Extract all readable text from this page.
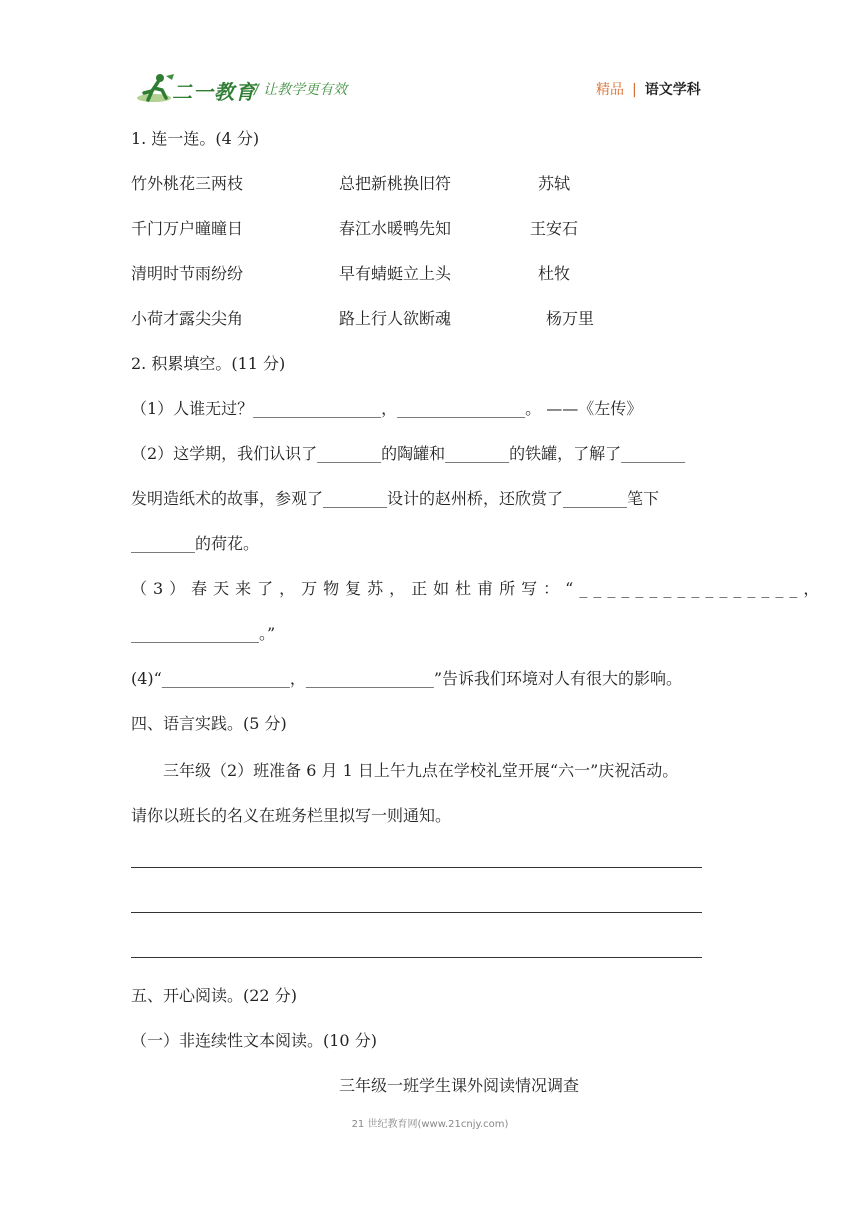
二一教育
/ 让教学更有效	精品 | 语文学科
1. 连一连。(4 分)
竹外桃花三两枝	总把新桃换旧符	苏轼
千门万户曈曈日	春江水暖鸭先知	王安石
清明时节雨纷纷	早有蜻蜓立上头	杜牧
小荷才露尖尖角	路上行人欲断魂	杨万里
2. 积累填空。(11 分)
（1）人谁无过？________________，________________。 ——《左传》
（2）这学期，我们认识了________的陶罐和________的铁罐，了解了________
发明造纸术的故事，参观了________设计的赵州桥，还欣赏了________笔下
________的荷花。
（3）春天来了，万物复苏，正如杜甫所写：“________________，
________________。”
(4)“________________，________________”告诉我们环境对人有很大的影响。
四、语言实践。(5 分)
三年级（2）班准备 6 月 1 日上午九点在学校礼堂开展“六一”庆祝活动。
请你以班长的名义在班务栏里拟写一则通知。
五、开心阅读。(22 分)
（一）非连续性文本阅读。(10 分)
三年级一班学生课外阅读情况调查
21 世纪教育网(www.21cnjy.com)
